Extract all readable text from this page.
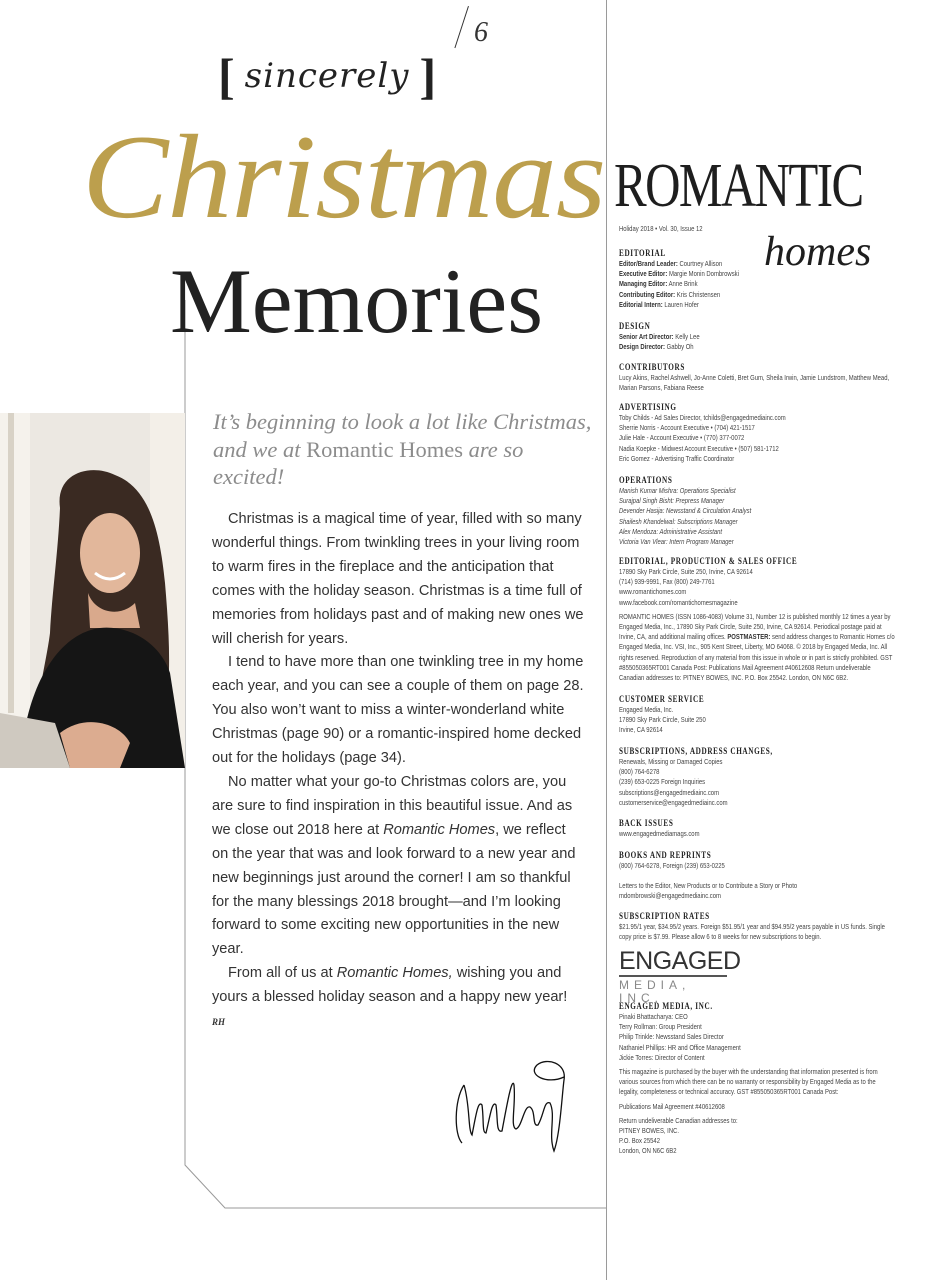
6
[ sincerely ]
Christmas
Memories
It’s beginning to look a lot like Christmas, and we at Romantic Homes are so excited!

Christmas is a magical time of year, filled with so many wonderful things. From twinkling trees in your living room to warm fires in the fireplace and the anticipation that comes with the holiday season. Christmas is a time full of memories from holidays past and of making new ones we will cherish for years.

I tend to have more than one twinkling tree in my home each year, and you can see a couple of them on page 28. You also won’t want to miss a winter-wonderland white Christmas (page 90) or a romantic-inspired home decked out for the holidays (page 34).

No matter what your go-to Christmas colors are, you are sure to find inspiration in this beautiful issue. And as we close out 2018 here at Romantic Homes, we reflect on the year that was and look forward to a new year and new beginnings just around the corner! I am so thankful for the many blessings 2018 brought—and I’m looking forward to some exciting new opportunities in the new year.

From all of us at Romantic Homes, wishing you and yours a blessed holiday season and a happy new year! RH

ROMANTIC
homes
Holiday 2018 • Vol. 30, Issue 12
EDITORIAL
Editor/Brand Leader: Courtney Allison
Executive Editor: Margie Monin Dombrowski
Managing Editor: Anne Brink
Contributing Editor: Kris Christensen
Editorial Intern: Lauren Hofer
DESIGN
Senior Art Director: Kelly Lee
Design Director: Gabby Oh
CONTRIBUTORS
Lucy Akins, Rachel Ashwell, Jo-Anne Coletti, Bret Gum, Sheila Irwin, Jamie Lundstrom, Matthew Mead, Marian Parsons, Fabiana Reese
ADVERTISING
Toby Childs - Ad Sales Director, tchilds@engagedmediainc.com
Sherrie Norris - Account Executive • (704) 421-1517
Julie Hale - Account Executive • (770) 377-0072
Nadia Koepke - Midwest Account Executive • (507) 581-1712
Eric Gomez - Advertising Traffic Coordinator
OPERATIONS
Manish Kumar Mishra: Operations Specialist
Surajpal Singh Bisht: Prepress Manager
Devender Hasija: Newsstand & Circulation Analyst
Shailesh Khandelwal: Subscriptions Manager
Alex Mendoza: Administrative Assistant
Victoria Van Vlear: Intern Program Manager
EDITORIAL, PRODUCTION & SALES OFFICE
17890 Sky Park Circle, Suite 250, Irvine, CA 92614
(714) 939-9991, Fax (800) 249-7761
www.romantichomes.com
www.facebook.com/romantichomesmagazine
ROMANTIC HOMES (ISSN 1086-4083) Volume 31, Number 12 is published monthly 12 times a year by Engaged Media, Inc., 17890 Sky Park Circle, Suite 250, Irvine, CA 92614. Periodical postage paid at Irvine, CA, and additional mailing offices. POSTMASTER: send address changes to Romantic Homes c/o Engaged Media, Inc. VSI, Inc., 905 Kent Street, Liberty, MO 64068. © 2018 by Engaged Media, Inc. All rights reserved. Reproduction of any material from this issue in whole or in part is strictly prohibited. GST #855050365RT001 Canada Post: Publications Mail Agreement #40612608 Return undeliverable Canadian addresses to: PITNEY BOWES, INC. P.O. Box 25542. London, ON N6C 6B2.
CUSTOMER SERVICE
Engaged Media, Inc.
17890 Sky Park Circle, Suite 250
Irvine, CA 92614
SUBSCRIPTIONS, ADDRESS CHANGES,
Renewals, Missing or Damaged Copies
(800) 764-6278
(239) 653-0225 Foreign Inquiries
subscriptions@engagedmediainc.com
customerservice@engagedmediainc.com
BACK ISSUES
www.engagedmediamags.com
BOOKS AND REPRINTS
(800) 764-6278, Foreign (239) 653-0225
Letters to the Editor, New Products or to Contribute a Story or Photo
mdombrowski@engagedmediainc.com
SUBSCRIPTION RATES
$21.95/1 year, $34.95/2 years. Foreign $51.95/1 year and $94.95/2 years payable in US funds. Single copy price is $7.99. Please allow 6 to 8 weeks for new subscriptions to begin.
ENGAGED MEDIA, INC.
Pinaki Bhattacharya: CEO
Terry Rollman: Group President
Philip Trinkle: Newsstand Sales Director
Nathaniel Phillips: HR and Office Management
Jickie Torres: Director of Content
This magazine is purchased by the buyer with the understanding that information presented is from various sources from which there can be no warranty or responsibility by Engaged Media as to the legality, completeness or technical accuracy. GST #855050365RT001 Canada Post:
Publications Mail Agreement #40612608
Return undeliverable Canadian addresses to:
PITNEY BOWES, INC.
P.O. Box 25542
London, ON N6C 6B2
ENGAGED
MEDIA, INC.
